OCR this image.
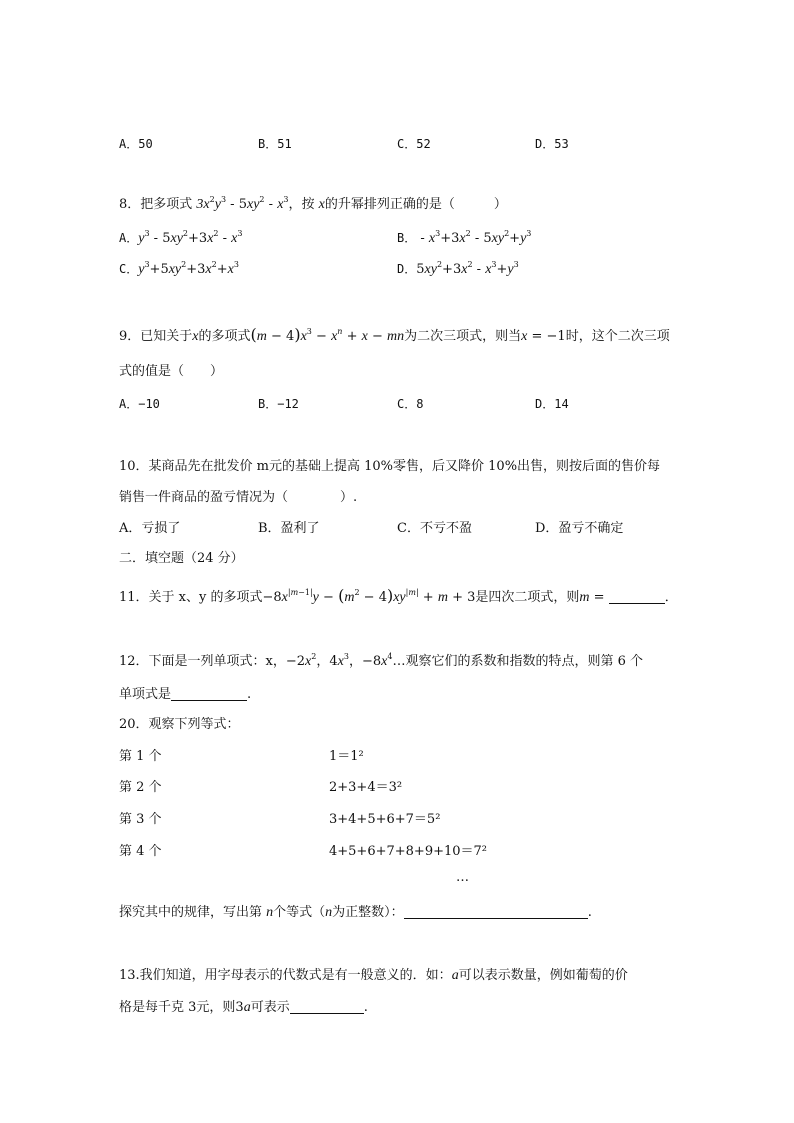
A．50	B．51	C．52	D．53
8．把多项式 $3x^2y^3 - 5xy^2 - x^3$，按 x的升幂排列正确的是（　　　）
A．$y^3 - 5xy^2+3x^2 - x^3$	B． - $x^3+3x^2 - 5xy^2+y^3$
C．$y^3+5xy^2+3x^2+x^3$	D．$5xy^2+3x^2 - x^3+y^3$
9．已知关于x的多项式$(m - 4)x^3 - x^n + x$ − mn为二次三项式，则当x = −1时，这个二次三项
式的值是（　　）
A．−10	B．−12	C．8	D．14
10．某商品先在批发价 m元的基础上提高 10%零售，后又降价 10%出售，则按后面的售价每
销售一件商品的盈亏情况为（　　　　）.
A．亏损了	B．盈利了	C．不亏不盈	D．盈亏不确定
二．填空题（24 分）
11．关于 x、y 的多项式$-8x^{|m-1|}y - (m^2 - 4)xy^{|m|} + m + 3$是四次二项式，则m =	．
12．下面是一列单项式：x，$-2x^2$，$4x^3$，$-8x^4\dots$观察它们的系数和指数的特点，则第 6 个
单项式是	.
20．观察下列等式：
第 1 个	1＝1²
第 2 个	2+3+4＝3²
第 3 个	3+4+5+6+7＝5²
第 4 个	4+5+6+7+8+9+10＝7²
…
探究其中的规律，写出第 n个等式（n为正整数）：	.
13.我们知道，用字母表示的代数式是有一般意义的．如：a可以表示数量，例如葡萄的价
格是每千克 3元，则3a可表示	.
